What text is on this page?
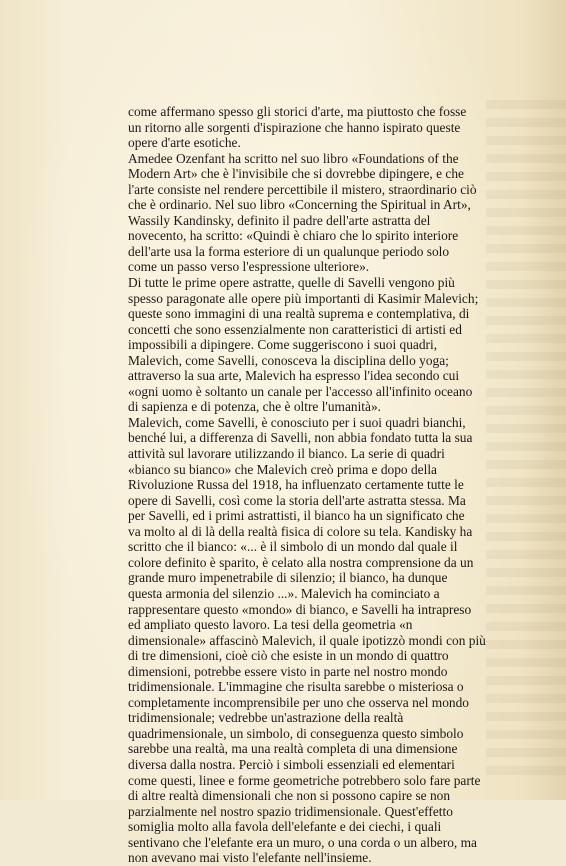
come affermano spesso gli storici d'arte, ma piuttosto che fosse
un ritorno alle sorgenti d'ispirazione che hanno ispirato queste
opere d'arte esotiche.
Amedee Ozenfant ha scritto nel suo libro «Foundations of the
Modern Art» che è l'invisibile che si dovrebbe dipingere, e che
l'arte consiste nel rendere percettibile il mistero, straordinario ciò
che è ordinario. Nel suo libro «Concerning the Spiritual in Art»,
Wassily Kandinsky, definito il padre dell'arte astratta del
novecento, ha scritto: «Quindi è chiaro che lo spirito interiore
dell'arte usa la forma esteriore di un qualunque periodo solo
come un passo verso l'espressione ulteriore».
Di tutte le prime opere astratte, quelle di Savelli vengono più
spesso paragonate alle opere più importanti di Kasimir Malevich;
queste sono immagini di una realtà suprema e contemplativa, di
concetti che sono essenzialmente non caratteristici di artisti ed
impossibili a dipingere. Come suggeriscono i suoi quadri,
Malevich, come Savelli, conosceva la disciplina dello yoga;
attraverso la sua arte, Malevich ha espresso l'idea secondo cui
«ogni uomo è soltanto un canale per l'accesso all'infinito oceano
di sapienza e di potenza, che è oltre l'umanità».
Malevich, come Savelli, è conosciuto per i suoi quadri bianchi,
benché lui, a differenza di Savelli, non abbia fondato tutta la sua
attività sul lavorare utilizzando il bianco. La serie di quadri
«bianco su bianco» che Malevich creò prima e dopo della
Rivoluzione Russa del 1918, ha influenzato certamente tutte le
opere di Savelli, così come la storia dell'arte astratta stessa. Ma
per Savelli, ed i primi astrattisti, il bianco ha un significato che
va molto al di là della realtà fisica di colore su tela. Kandisky ha
scritto che il bianco: «... è il simbolo di un mondo dal quale il
colore definito è sparito, è celato alla nostra comprensione da un
grande muro impenetrabile di silenzio; il bianco, ha dunque
questa armonia del silenzio ...». Malevich ha cominciato a
rappresentare questo «mondo» di bianco, e Savelli ha intrapreso
ed ampliato questo lavoro. La tesi della geometria «n
dimensionale» affascinò Malevich, il quale ipotizzò mondi con più
di tre dimensioni, cioè ciò che esiste in un mondo di quattro
dimensioni, potrebbe essere visto in parte nel nostro mondo
tridimensionale. L'immagine che risulta sarebbe o misteriosa o
completamente incomprensibile per uno che osserva nel mondo
tridimensionale; vedrebbe un'astrazione della realtà
quadrimensionale, un simbolo, di conseguenza questo simbolo
sarebbe una realtà, ma una realtà completa di una dimensione
diversa dalla nostra. Perciò i simboli essenziali ed elementari
come questi, linee e forme geometriche potrebbero solo fare parte
di altre realtà dimensionali che non si possono capire se non
parzialmente nel nostro spazio tridimensionale. Quest'effetto
somiglia molto alla favola dell'elefante e dei ciechi, i quali
sentivano che l'elefante era un muro, o una corda o un albero, ma
non avevano mai visto l'elefante nell'insieme.
